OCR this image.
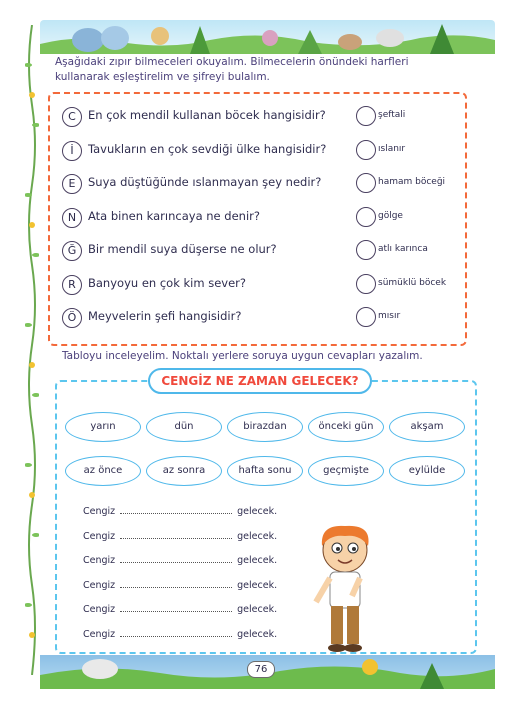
Aşağıdaki zıpır bilmeceleri okuyalım. Bilmecelerin önündeki harfleri kullanarak eşleştirelim ve şifreyi bulalım.
C	En çok mendil kullanan böcek hangisidir?	şeftali
İ	Tavukların en çok sevdiği ülke hangisidir?	ıslanır
E	Suya düştüğünde ıslanmayan şey nedir?	hamam böceği
N	Ata binen karıncaya ne denir?	gölge
Ğ	Bir mendil suya düşerse ne olur?	atlı karınca
R	Banyoyu en çok kim sever?	sümüklü böcek
Ö	Meyvelerin şefi hangisidir?	mısır
Tabloyu inceleyelim. Noktalı yerlere soruya uygun cevapları yazalım.
yarın	dün	birazdan	önceki gün	akşam
az önce	az sonra	hafta sonu	geçmişte	eylülde
Cengiz	gelecek.
Cengiz	gelecek.
Cengiz	gelecek.
Cengiz	gelecek.
Cengiz	gelecek.
Cengiz	gelecek.
CENGİZ NE ZAMAN GELECEK?
76
